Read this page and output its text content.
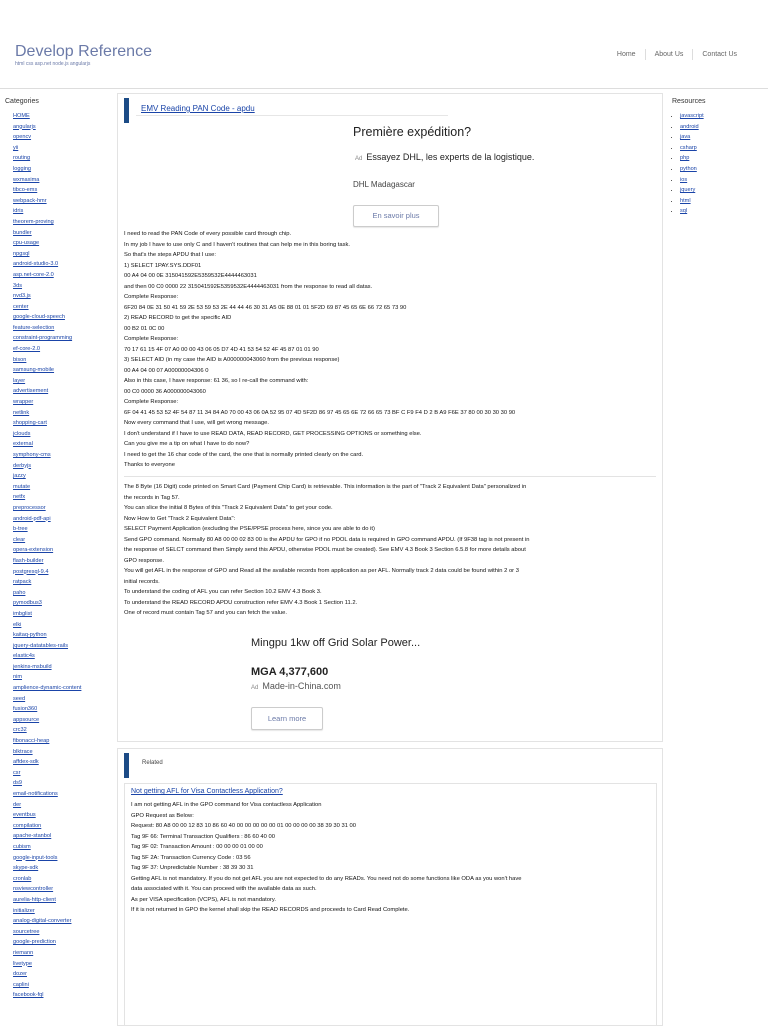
Develop Reference
html css asp.net node.js angularjs
Home	About Us	Contact Us
Categories
HOME
angularjs
opencv
yii
routing
logging
wxmaxima
tibco-ems
webpack-hmr
idris
theorem-proving
bundler
cpu-usage
npgsql
android-studio-3.0
asp.net-core-2.0
3ds
nvd3.js
center
google-cloud-speech
feature-selection
constraint-programming
ef-core-2.0
bison
samsung-mobile
layer
advertisement
wrapper
netlink
shopping-cart
jclouds
external
symphony-cms
derbyjs
jazzy
mutate
netfx
preprocessor
android-pdf-api
b-tree
clear
opera-extension
flash-builder
postgresql-9.4
ratpack
paho
pymodbus3
imbglist
elki
kaitaq-python
jquery-datatables-rails
elastic4s
jenkins-msbuild
nim
amplience-dynamic-content
seed
fusion360
appsource
crc32
fibonacci-heap
blktrace
affdex-sdk
csr
ds9
email-notifications
der
eventbus
compilation
apache-stanbol
cubism
google-input-tools
skype-sdk
cronlab
nsviewcontroller
aurelia-http-client
initializer
analog-digital-converter
sourcetree
google-prediction
riemann
livetype
dozer
caplini
facebook-fql
Resources
• javascript
• android
• java
• csharp
• php
• python
• ios
• jquery
• html
• sql
EMV Reading PAN Code - apdu
Première expédition?
Ad Essayez DHL, les experts de la logistique.
DHL Madagascar
En savoir plus
I need to read the PAN Code of every possible card through chip.
In my job I have to use only C and I haven't routines that can help me in this boring task.
So that's the steps APDU that I use:
1) SELECT 1PAY.SYS.DDF01
00 A4 04 00 0E 315041592E5359532E4444463031
and then 00 C0 0000 22 315041592E5359532E4444463031 from the response to read all datas.
Complete Response:
6F20 84 0E 31 50 41 59 2E 53 59 53 2E 44 44 46 30 31 A5 0E 88 01 01 5F2D 69 87 45 65 6E 66 72 65 73 90
2) READ RECORD to get the specific AID
00 B2 01 0C 00
Complete Response:
70 17 61 15 4F 07 A0 00 00 43 06 05 D7 4D 41 53 54 52 4F 45 87 01 01 90
3) SELECT AID (in my case the AID is A000000043060 from the previous response)
00 A4 04 00 07 A00000004306 0
Also in this case, I have response: 61 36, so I re-call the command with:
00 C0 0000 36 A000000043060
Complete Response:
6F 04 41 45 53 52 4F 54 87 11 34 84 A0 70 00 43 06 0A 52 95 07 4D 5F2D 86 97 45 65 6E 72 66 65 73 BF C F9 F4 D 2 B A9 F6E 37 80 00 30 30 30 90
Now every command that I use, will get wrong message.
I don't understand if I have to use READ DATA, READ RECORD, GET PROCESSING OPTIONS or something else.
Can you give me a tip on what I have to do now?
I need to get the 16 char code of the card, the one that is normally printed clearly on the card.
Thanks to everyone
The 8 Byte (16 Digit) code printed on Smart Card (Payment Chip Card) is retrievable. This information is the part of "Track 2 Equivalent Data" personalized in
the records in Tag 57.
You can slice the initial 8 Bytes of this "Track 2 Equivalent Data" to get your code.
Now How to Get "Track 2 Equivalent Data":
SELECT Payment Application (excluding the PSE/PPSE process here, since you are able to do it)
Send GPO command. Normally 80 A8 00 00 02 83 00 is the APDU for GPO if no PDOL data is required in GPO command APDU. (If 9F38 tag is not present in
the response of SELCT command then Simply send this APDU, otherwise PDOL must be created). See EMV 4.3 Book 3 Section 6.5.8 for more details about
GPO response.
You will get AFL in the response of GPO and Read all the available records from application as per AFL. Normally track 2 data could be found within 2 or 3
initial records.
To understand the coding of AFL you can refer Section 10.2 EMV 4.3 Book 3.
To understand the READ RECORD APDU construction refer EMV 4.3 Book 1 Section 11.2.
One of record must contain Tag 57 and you can fetch the value.
Mingpu 1kw off Grid Solar Power...
MGA 4,377,600
Ad Made-in-China.com
Learn more
Related
Not getting AFL for Visa Contactless Application?
I am not getting AFL in the GPO command for Visa contactless Application
GPO Request as Below:
Request: 80 A8 00 00 12 83 10 86 60 40 00 00 00 00 00 01 00 00 00 00 38 39 30 31 00
Tag 9F 66: Terminal Transaction Qualifiers : 86 60 40 00
Tag 9F 02: Transaction Amount : 00 00 00 01 00 00
Tag 5F 2A: Transaction Currency Code : 03 56
Tag 9F 37: Unpredictable Number : 38 39 30 31
Getting AFL is not mandatory. If you do not get AFL you are not expected to do any READs. You need not do some functions like ODA as you won't have
data associated with it. You can proceed with the available data as such.
As per VISA specification (VCPS), AFL is not mandatory.
If it is not returned in GPO the kernel shall skip the READ RECORDS and proceeds to Card Read Complete.
